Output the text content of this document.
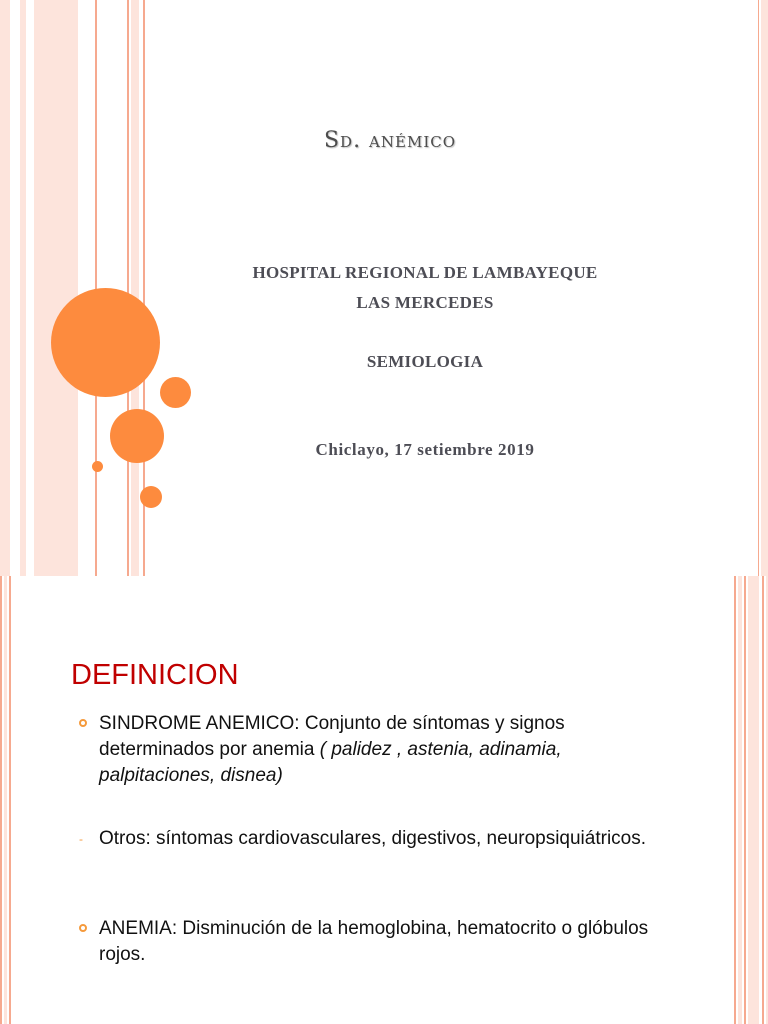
Sd. anémico
HOSPITAL REGIONAL DE LAMBAYEQUE
LAS MERCEDES
SEMIOLOGIA
Chiclayo, 17 setiembre 2019
DEFINICION
SINDROME ANEMICO: Conjunto de síntomas y signos determinados por anemia ( palidez , astenia, adinamia, palpitaciones, disnea)
- Otros: síntomas cardiovasculares, digestivos, neuropsiquiátricos.
ANEMIA: Disminución de la hemoglobina, hematocrito o glóbulos rojos.
